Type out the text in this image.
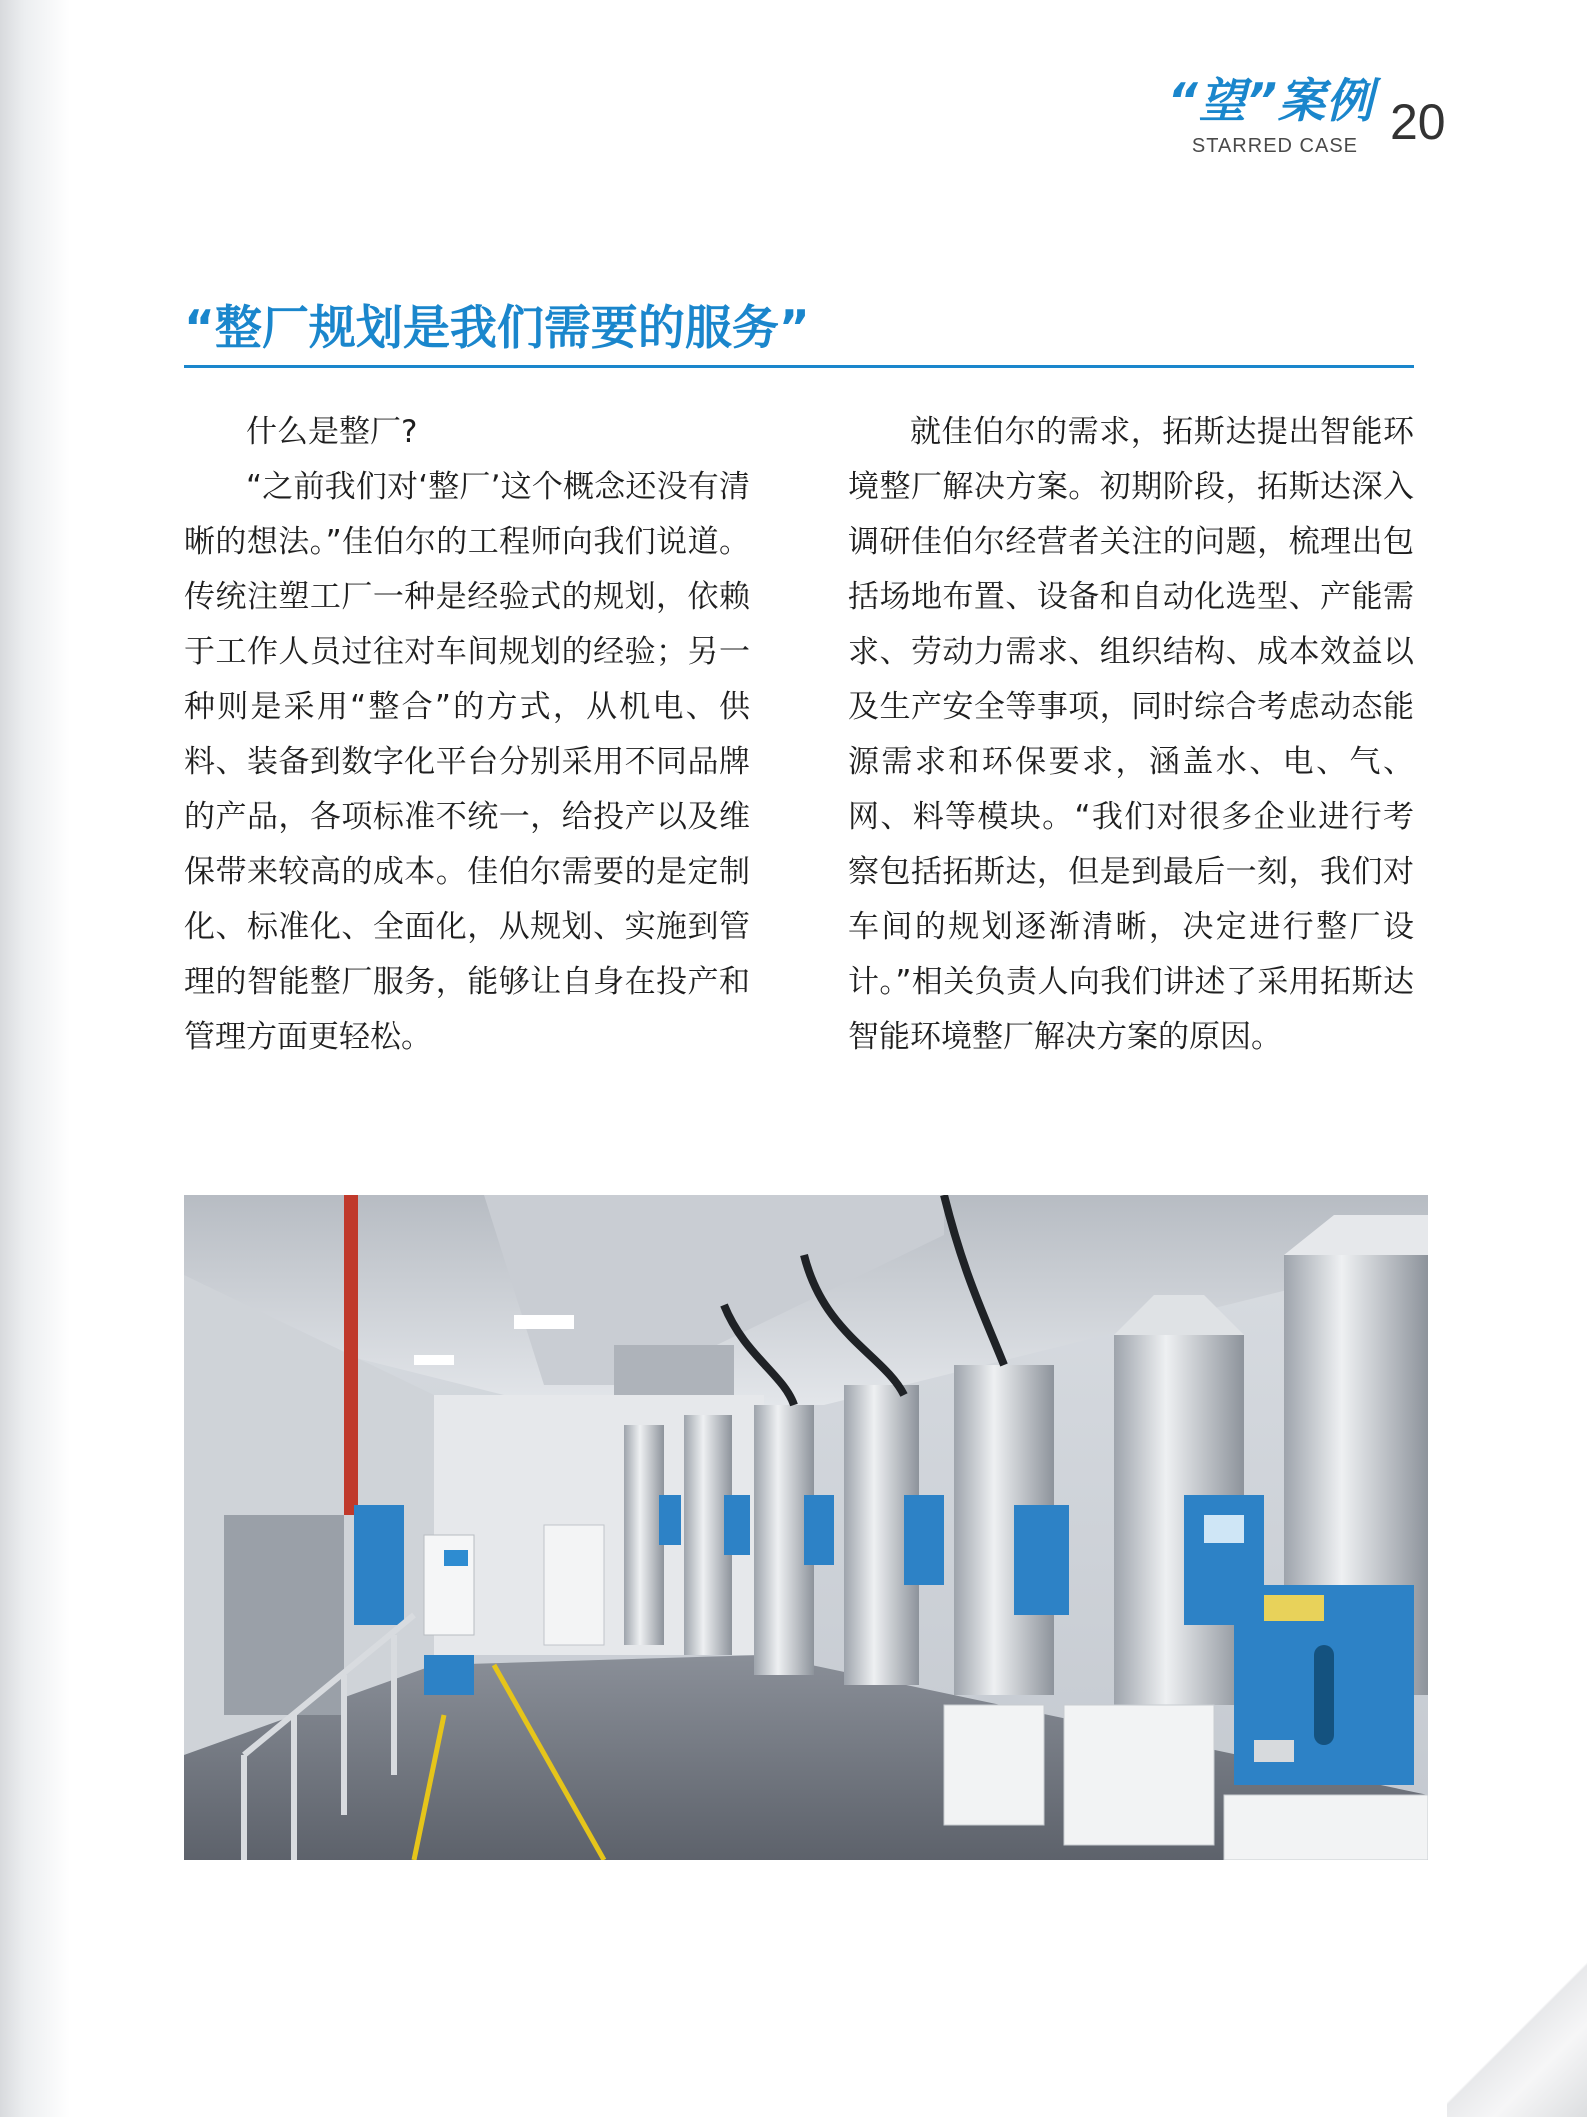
“望”案例
STARRED CASE 20
“整厂规划是我们需要的服务”

什么是整厂?

“之前我们对‘整厂’这个概念还没有清晰的想法。”佳伯尔的工程师向我们说道。传统注塑工厂一种是经验式的规划，依赖于工作人员过往对车间规划的经验；另一种则是采用“整合”的方式，从机电、供料、装备到数字化平台分别采用不同品牌的产品，各项标准不统一，给投产以及维保带来较高的成本。佳伯尔需要的是定制化、标准化、全面化，从规划、实施到管理的智能整厂服务，能够让自身在投产和管理方面更轻松。

就佳伯尔的需求，拓斯达提出智能环境整厂解决方案。初期阶段，拓斯达深入调研佳伯尔经营者关注的问题，梳理出包括场地布置、设备和自动化选型、产能需求、劳动力需求、组织结构、成本效益以及生产安全等事项，同时综合考虑动态能源需求和环保要求，涵盖水、电、气、网、料等模块。“我们对很多企业进行考察包括拓斯达，但是到最后一刻，我们对车间的规划逐渐清晰，决定进行整厂设计。”相关负责人向我们讲述了采用拓斯达智能环境整厂解决方案的原因。
